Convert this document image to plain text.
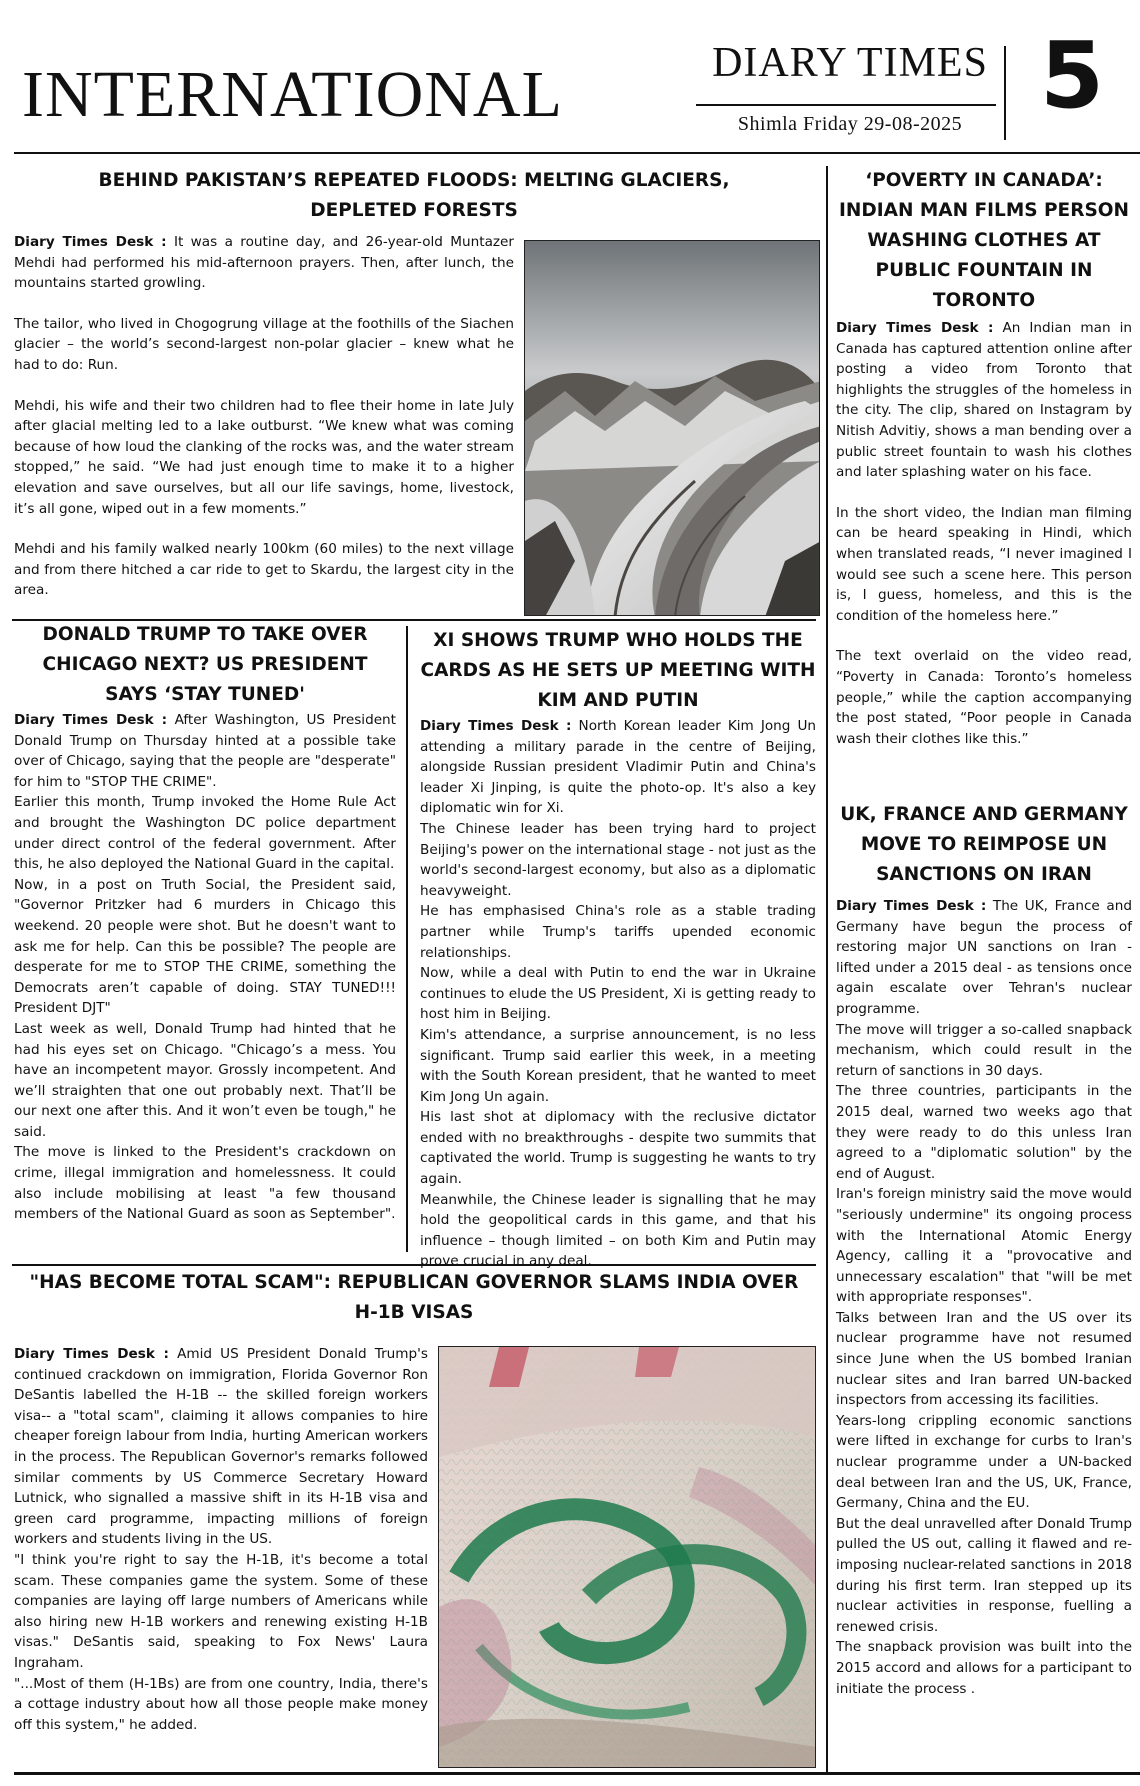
INTERNATIONAL	DIARY TIMES
Shimla Friday 29-08-2025 5
BEHIND PAKISTAN’S REPEATED FLOODS: MELTING GLACIERS, DEPLETED FORESTS

Diary Times Desk : It was a routine day, and 26-year-old Muntazer Mehdi had performed his mid-afternoon prayers. Then, after lunch, the mountains started growling.

The tailor, who lived in Chogogrung village at the foothills of the Siachen glacier – the world’s second-largest non-polar glacier – knew what he had to do: Run.

Mehdi, his wife and their two children had to flee their home in late July after glacial melting led to a lake outburst. “We knew what was coming because of how loud the clanking of the rocks was, and the water stream stopped,” he said. “We had just enough time to make it to a higher elevation and save ourselves, but all our life savings, home, livestock, it’s all gone, wiped out in a few moments.”

Mehdi and his family walked nearly 100km (60 miles) to the next village and from there hitched a car ride to get to Skardu, the largest city in the area.

‘POVERTY IN CANADA’: INDIAN MAN FILMS PERSON WASHING CLOTHES AT PUBLIC FOUNTAIN IN TORONTO

Diary Times Desk : An Indian man in Canada has captured attention online after posting a video from Toronto that highlights the struggles of the homeless in the city. The clip, shared on Instagram by Nitish Advitiy, shows a man bending over a public street fountain to wash his clothes and later splashing water on his face.

In the short video, the Indian man filming can be heard speaking in Hindi, which when translated reads, “I never imagined I would see such a scene here. This person is, I guess, homeless, and this is the condition of the homeless here.”

The text overlaid on the video read, “Poverty in Canada: Toronto’s homeless people,” while the caption accompanying the post stated, “Poor people in Canada wash their clothes like this.”

DONALD TRUMP TO TAKE OVER CHICAGO NEXT? US PRESIDENT SAYS ‘STAY TUNED'

Diary Times Desk : After Washington, US President Donald Trump on Thursday hinted at a possible take over of Chicago, saying that the people are "desperate" for him to "STOP THE CRIME".

Earlier this month, Trump invoked the Home Rule Act and brought the Washington DC police department under direct control of the federal government. After this, he also deployed the National Guard in the capital.

Now, in a post on Truth Social, the President said, "Governor Pritzker had 6 murders in Chicago this weekend. 20 people were shot. But he doesn't want to ask me for help. Can this be possible? The people are desperate for me to STOP THE CRIME, something the Democrats aren’t capable of doing. STAY TUNED!!! President DJT"

Last week as well, Donald Trump had hinted that he had his eyes set on Chicago. "Chicago’s a mess. You have an incompetent mayor. Grossly incompetent. And we’ll straighten that one out probably next. That’ll be our next one after this. And it won’t even be tough," he said.

The move is linked to the President's crackdown on crime, illegal immigration and homelessness. It could also include mobilising at least "a few thousand members of the National Guard as soon as September".

XI SHOWS TRUMP WHO HOLDS THE CARDS AS HE SETS UP MEETING WITH KIM AND PUTIN

Diary Times Desk : North Korean leader Kim Jong Un attending a military parade in the centre of Beijing, alongside Russian president Vladimir Putin and China's leader Xi Jinping, is quite the photo-op. It's also a key diplomatic win for Xi.

The Chinese leader has been trying hard to project Beijing's power on the international stage - not just as the world's second-largest economy, but also as a diplomatic heavyweight.

He has emphasised China's role as a stable trading partner while Trump's tariffs upended economic relationships.

Now, while a deal with Putin to end the war in Ukraine continues to elude the US President, Xi is getting ready to host him in Beijing.

Kim's attendance, a surprise announcement, is no less significant. Trump said earlier this week, in a meeting with the South Korean president, that he wanted to meet Kim Jong Un again.

His last shot at diplomacy with the reclusive dictator ended with no breakthroughs - despite two summits that captivated the world. Trump is suggesting he wants to try again.

Meanwhile, the Chinese leader is signalling that he may hold the geopolitical cards in this game, and that his influence – though limited – on both Kim and Putin may prove crucial in any deal.

UK, FRANCE AND GERMANY MOVE TO REIMPOSE UN SANCTIONS ON IRAN

Diary Times Desk : The UK, France and Germany have begun the process of restoring major UN sanctions on Iran - lifted under a 2015 deal - as tensions once again escalate over Tehran's nuclear programme.

The move will trigger a so-called snapback mechanism, which could result in the return of sanctions in 30 days.

The three countries, participants in the 2015 deal, warned two weeks ago that they were ready to do this unless Iran agreed to a "diplomatic solution" by the end of August.

Iran's foreign ministry said the move would "seriously undermine" its ongoing process with the International Atomic Energy Agency, calling it a "provocative and unnecessary escalation" that "will be met with appropriate responses".

Talks between Iran and the US over its nuclear programme have not resumed since June when the US bombed Iranian nuclear sites and Iran barred UN-backed inspectors from accessing its facilities.

Years-long crippling economic sanctions were lifted in exchange for curbs to Iran's nuclear programme under a UN-backed deal between Iran and the US, UK, France, Germany, China and the EU.

But the deal unravelled after Donald Trump pulled the US out, calling it flawed and re-imposing nuclear-related sanctions in 2018 during his first term. Iran stepped up its nuclear activities in response, fuelling a renewed crisis.

The snapback provision was built into the 2015 accord and allows for a participant to initiate the process .

"HAS BECOME TOTAL SCAM": REPUBLICAN GOVERNOR SLAMS INDIA OVER H-1B VISAS

Diary Times Desk : Amid US President Donald Trump's continued crackdown on immigration, Florida Governor Ron DeSantis labelled the H-1B -- the skilled foreign workers visa-- a "total scam", claiming it allows companies to hire cheaper foreign labour from India, hurting American workers in the process. The Republican Governor's remarks followed similar comments by US Commerce Secretary Howard Lutnick, who signalled a massive shift in its H-1B visa and green card programme, impacting millions of foreign workers and students living in the US.

"I think you're right to say the H-1B, it's become a total scam. These companies game the system. Some of these companies are laying off large numbers of Americans while also hiring new H-1B workers and renewing existing H-1B visas." DeSantis said, speaking to Fox News' Laura Ingraham.

"...Most of them (H-1Bs) are from one country, India, there's a cottage industry about how all those people make money off this system," he added.
